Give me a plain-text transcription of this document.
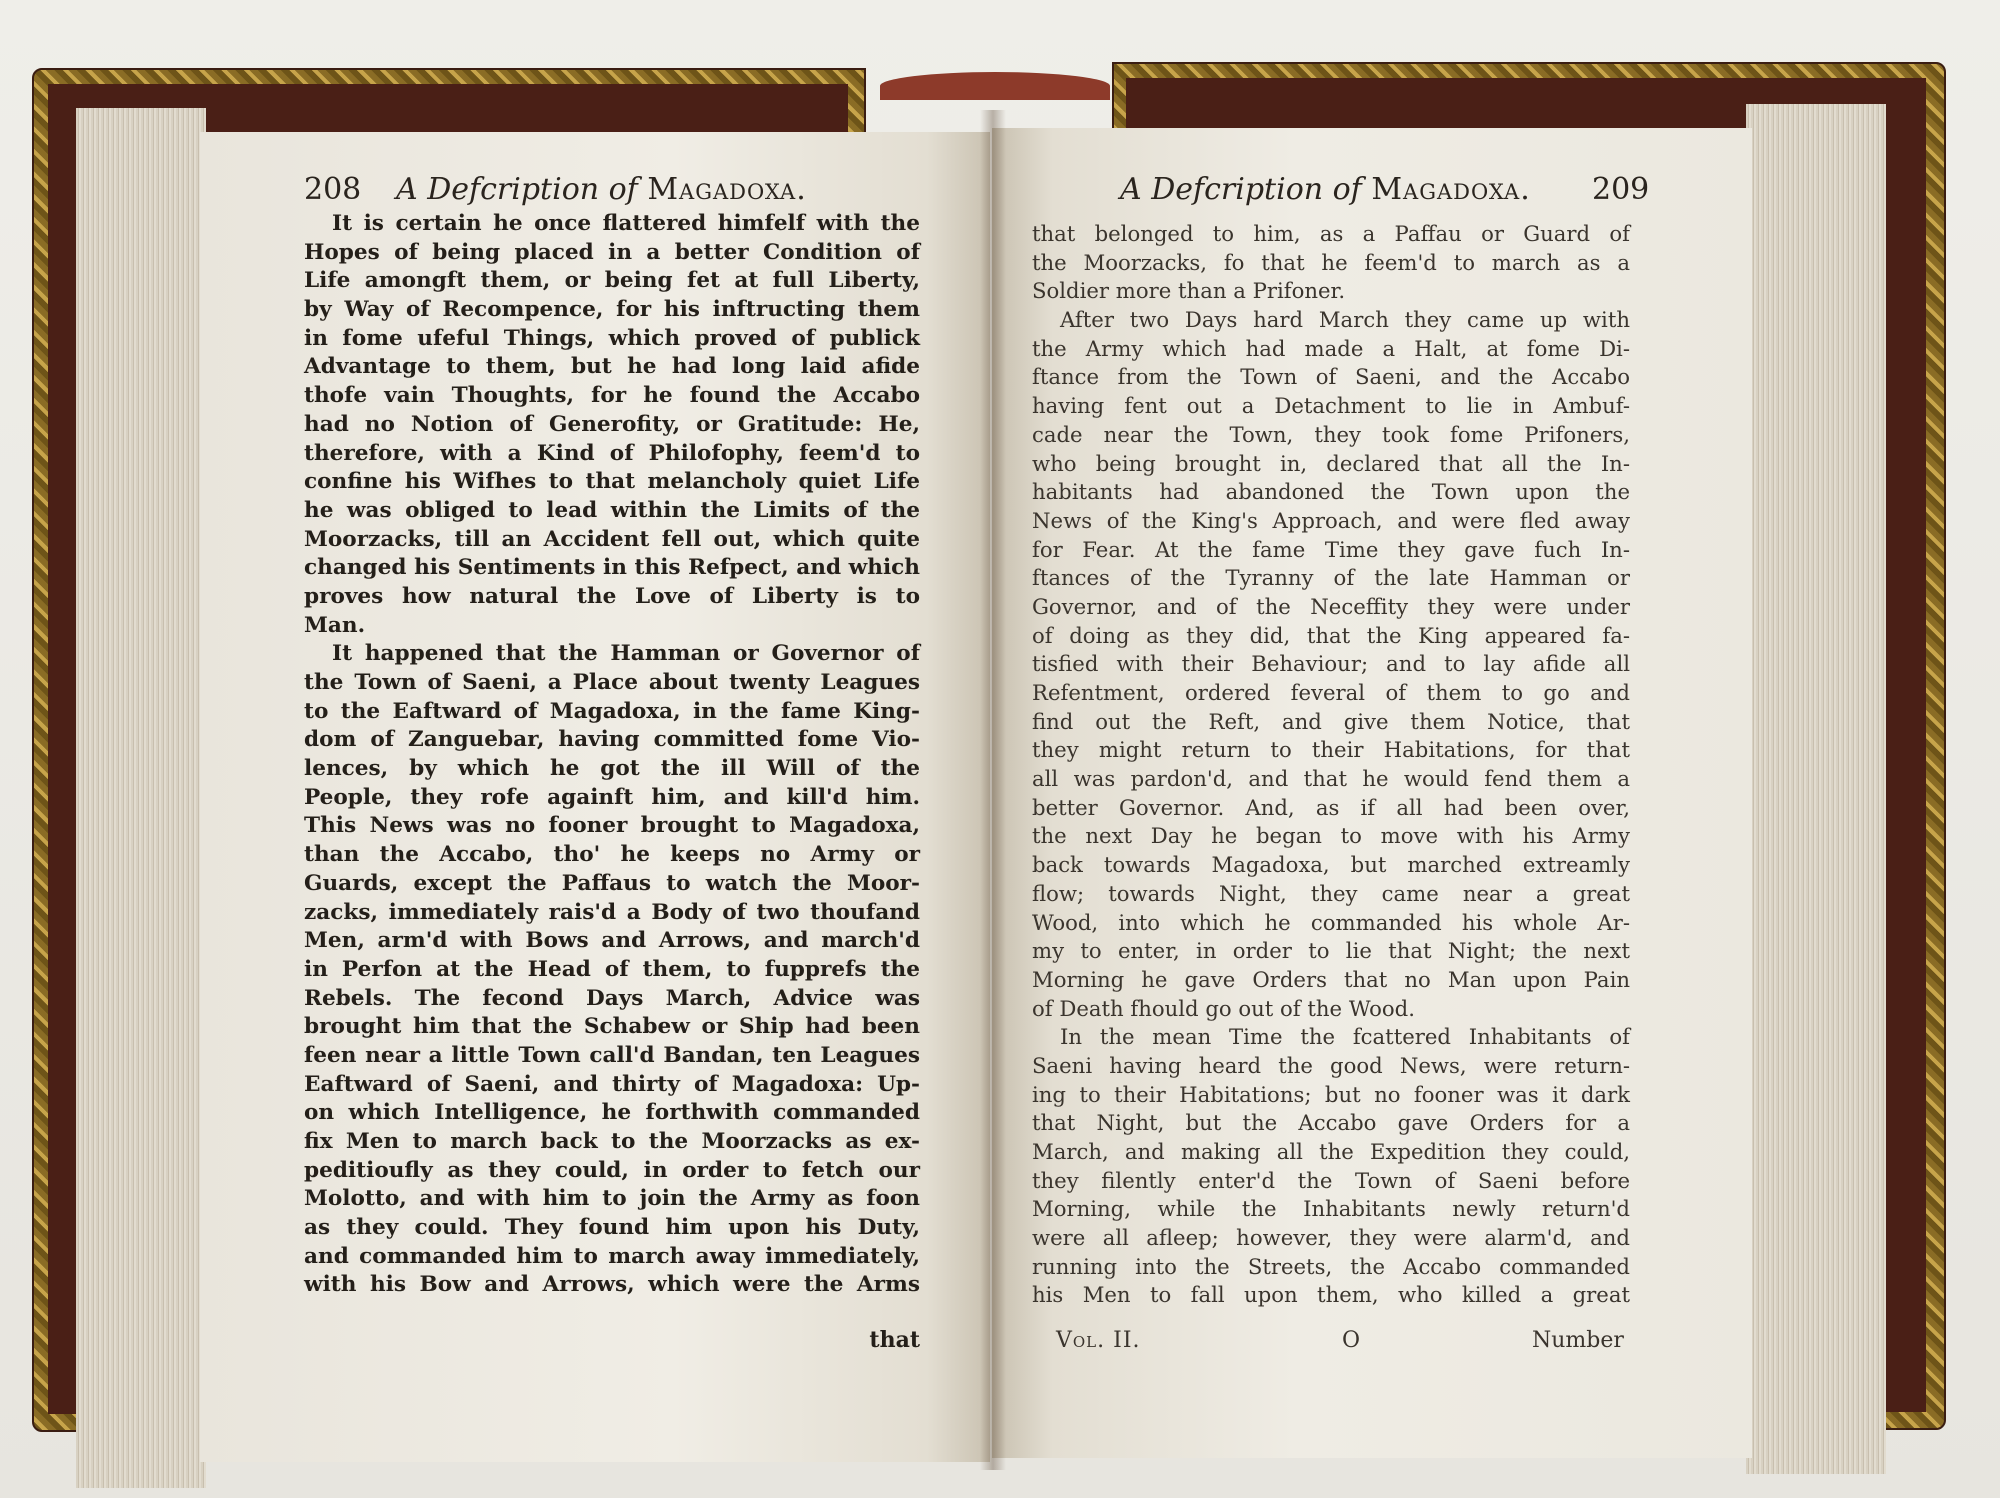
208 A Defcription of Magadoxa.
It is certain he once flattered himfelf with the
Hopes of being placed in a better Condition of
Life amongft them, or being fet at full Liberty,
by Way of Recompence, for his inftructing them
in fome ufeful Things, which proved of publick
Advantage to them, but he had long laid afide
thofe vain Thoughts, for he found the Accabo
had no Notion of Generofity, or Gratitude: He,
therefore, with a Kind of Philofophy, feem'd to
confine his Wifhes to that melancholy quiet Life
he was obliged to lead within the Limits of the
Moorzacks, till an Accident fell out, which quite
changed his Sentiments in this Refpect, and which
proves how natural the Love of Liberty is to
Man.
It happened that the Hamman or Governor of
the Town of Saeni, a Place about twenty Leagues
to the Eaftward of Magadoxa, in the fame King-
dom of Zanguebar, having committed fome Vio-
lences, by which he got the ill Will of the
People, they rofe againft him, and kill'd him.
This News was no fooner brought to Magadoxa,
than the Accabo, tho' he keeps no Army or
Guards, except the Paffaus to watch the Moor-
zacks, immediately rais'd a Body of two thoufand
Men, arm'd with Bows and Arrows, and march'd
in Perfon at the Head of them, to fupprefs the
Rebels. The fecond Days March, Advice was
brought him that the Schabew or Ship had been
feen near a little Town call'd Bandan, ten Leagues
Eaftward of Saeni, and thirty of Magadoxa: Up-
on which Intelligence, he forthwith commanded
fix Men to march back to the Moorzacks as ex-
peditioufly as they could, in order to fetch our
Molotto, and with him to join the Army as foon
as they could. They found him upon his Duty,
and commanded him to march away immediately,
with his Bow and Arrows, which were the Arms
that
A Defcription of Magadoxa. 209
that belonged to him, as a Paffau or Guard of
the Moorzacks, fo that he feem'd to march as a
Soldier more than a Prifoner.
After two Days hard March they came up with
the Army which had made a Halt, at fome Di-
ftance from the Town of Saeni, and the Accabo
having fent out a Detachment to lie in Ambuf-
cade near the Town, they took fome Prifoners,
who being brought in, declared that all the In-
habitants had abandoned the Town upon the
News of the King's Approach, and were fled away
for Fear. At the fame Time they gave fuch In-
ftances of the Tyranny of the late Hamman or
Governor, and of the Neceffity they were under
of doing as they did, that the King appeared fa-
tisfied with their Behaviour; and to lay afide all
Refentment, ordered feveral of them to go and
find out the Reft, and give them Notice, that
they might return to their Habitations, for that
all was pardon'd, and that he would fend them a
better Governor. And, as if all had been over,
the next Day he began to move with his Army
back towards Magadoxa, but marched extreamly
flow; towards Night, they came near a great
Wood, into which he commanded his whole Ar-
my to enter, in order to lie that Night; the next
Morning he gave Orders that no Man upon Pain
of Death fhould go out of the Wood.
In the mean Time the fcattered Inhabitants of
Saeni having heard the good News, were return-
ing to their Habitations; but no fooner was it dark
that Night, but the Accabo gave Orders for a
March, and making all the Expedition they could,
they filently enter'd the Town of Saeni before
Morning, while the Inhabitants newly return'd
were all afleep; however, they were alarm'd, and
running into the Streets, the Accabo commanded
his Men to fall upon them, who killed a great
Vol. II.	O	Number
